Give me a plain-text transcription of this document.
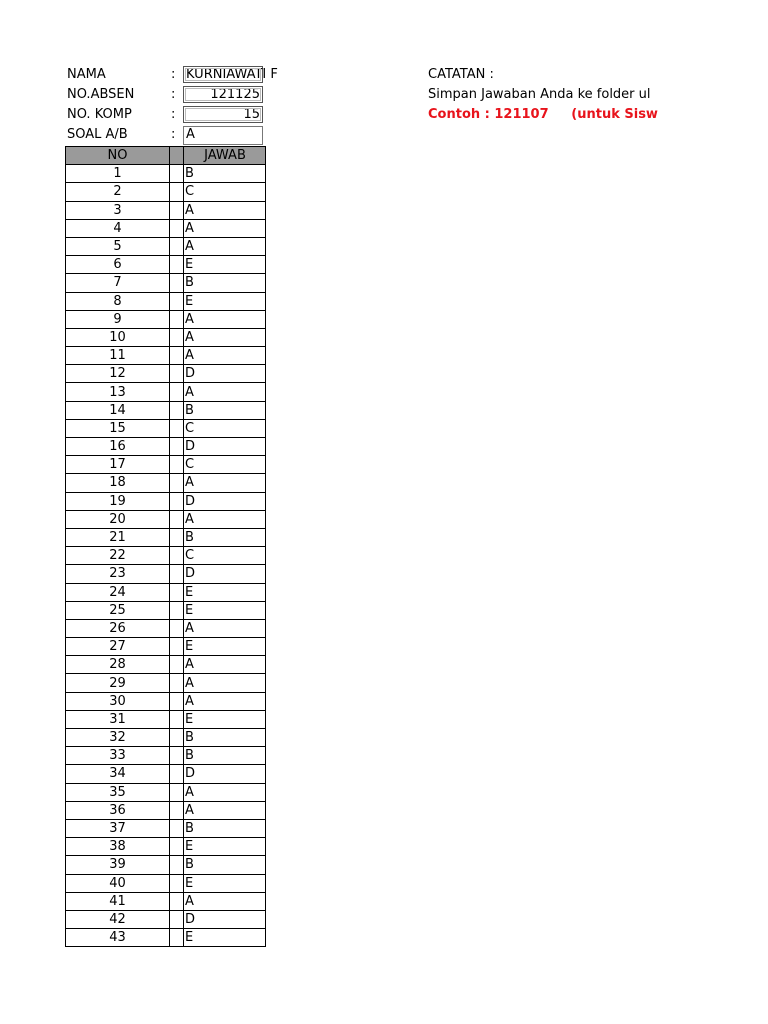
NAMA	: KURNIAWATI F
NO.ABSEN	:	121125
NO. KOMP	:	15
SOAL A/B	: A
CATATAN :
Simpan Jawaban Anda ke folder ul
Contoh : 121107     (untuk Sisw
NO		JAWAB
1		B
2		C
3		A
4		A
5		A
6		E
7		B
8		E
9		A
10		A
11		A
12		D
13		A
14		B
15		C
16		D
17		C
18		A
19		D
20		A
21		B
22		C
23		D
24		E
25		E
26		A
27		E
28		A
29		A
30		A
31		E
32		B
33		B
34		D
35		A
36		A
37		B
38		E
39		B
40		E
41		A
42		D
43		E
